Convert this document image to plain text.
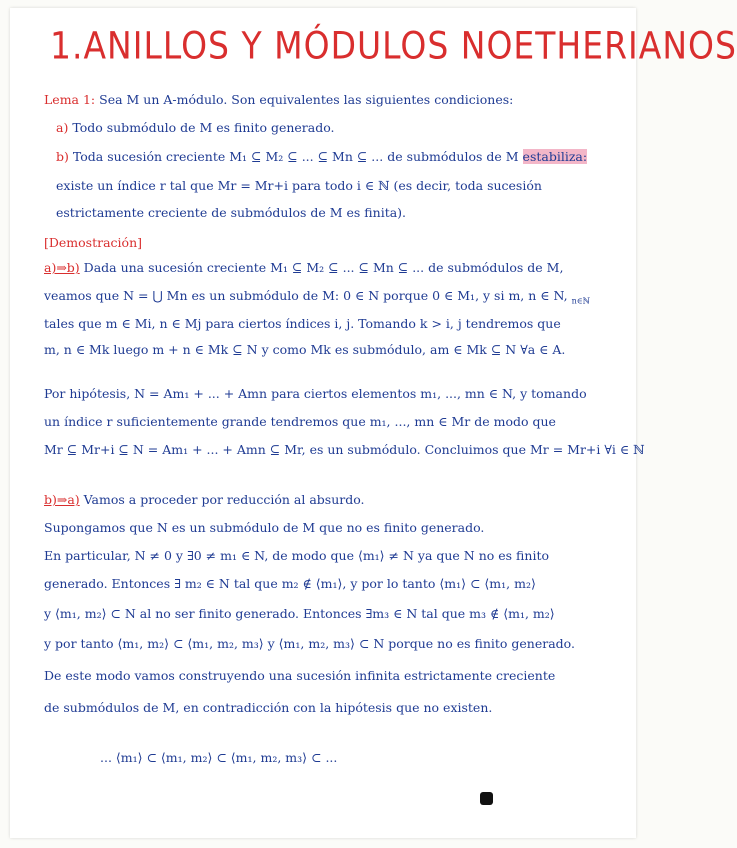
1.ANILLOS Y MÓDULOS NOETHERIANOS
Lema 1: Sea M un A-módulo. Son equivalentes las siguientes condiciones:
a) Todo submódulo de M es finito generado.
b) Toda sucesión creciente M₁ ⊆ M₂ ⊆ ... ⊆ Mn ⊆ ... de submódulos de M estabiliza:
existe un índice r tal que Mr = Mr+i para todo i ∈ ℕ (es decir, toda sucesión
estrictamente creciente de submódulos de M es finita).
[Demostración]
a)⇒b) Dada una sucesión creciente M₁ ⊆ M₂ ⊆ ... ⊆ Mn ⊆ ... de submódulos de M,
veamos que N = ⋃ Mn es un submódulo de M: 0 ∈ N porque 0 ∈ M₁, y si m, n ∈ N, $_{n\in ℕ}$
tales que m ∈ Mi, n ∈ Mj para ciertos índices i, j. Tomando k > i, j tendremos que
m, n ∈ Mk luego m + n ∈ Mk ⊆ N y como Mk es submódulo, am ∈ Mk ⊆ N ∀a ∈ A.
Por hipótesis, N = Am₁ + ... + Amn para ciertos elementos m₁, ..., mn ∈ N, y tomando
un índice r suficientemente grande tendremos que m₁, ..., mn ∈ Mr de modo que
Mr ⊆ Mr+i ⊆ N = Am₁ + ... + Amn ⊆ Mr, es un submódulo. Concluimos que Mr = Mr+i ∀i ∈ ℕ
b)⇒a) Vamos a proceder por reducción al absurdo.
Supongamos que N es un submódulo de M que no es finito generado.
En particular, N ≠ 0 y ∃0 ≠ m₁ ∈ N, de modo que ⟨m₁⟩ ≠ N ya que N no es finito
generado. Entonces ∃ m₂ ∈ N tal que m₂ ∉ ⟨m₁⟩, y por lo tanto ⟨m₁⟩ ⊂ ⟨m₁, m₂⟩
y ⟨m₁, m₂⟩ ⊂ N al no ser finito generado. Entonces ∃m₃ ∈ N tal que m₃ ∉ ⟨m₁, m₂⟩
y por tanto ⟨m₁, m₂⟩ ⊂ ⟨m₁, m₂, m₃⟩ y ⟨m₁, m₂, m₃⟩ ⊂ N porque no es finito generado.
De este modo vamos construyendo una sucesión infinita estrictamente creciente
de submódulos de M, en contradicción con la hipótesis que no existen.
... ⟨m₁⟩ ⊂ ⟨m₁, m₂⟩ ⊂ ⟨m₁, m₂, m₃⟩ ⊂ ...
